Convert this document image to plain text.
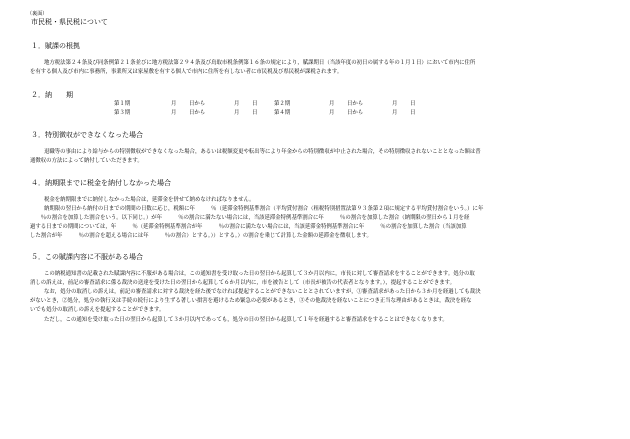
（裏面）
市民税・県民税について
１．賦課の根拠
地方税法第２４条及び同条例第２１条並びに地方税法第２９４条及び鳥取市税条例第１６条の規定により，賦課期日（当該年度の初日の属する年の１月１日）において市内に住所
を有する個人及び市内に事務所，事業所又は家屋敷を有する個人で市内に住所を有しない者に市民税及び県民税が課税されます。
２．納　　期
第１期	月 日から	月 日	第２期	月 日から	月 日
第３期	月 日から	月 日	第４期	月 日から	月 日
３．特別徴収ができなくなった場合
退職等の事由により給与からの特別徴収ができなくなった場合，あるいは税額変更や転出等により年金からの特別徴収が中止された場合，その特別徴収されないこととなった額は普
通徴収の方法によって納付していただきます。
４．納期限までに税金を納付しなかった場合
税金を納期限までに納付しなかった場合は，延滞金を併せて納めなければなりません。
納期限の翌日から納付の日までの期間の日数に応じ，税額に年　　　％（延滞金特例基準割合（平均貸付割合（租税特別措置法第９３条第２項に規定する平均貸付割合をいう。）に年
　　％の割合を加算した割合をいう。以下同じ。）が年　　　％の割合に満たない場合には，当該延滞金特例基準割合に年　　　％の割合を加算した割合（納期限の翌日から１月を経
過する日までの期間については，年　　　％（延滞金特例基準割合が年　　　％の割合に満たない場合には，当該延滞金特例基準割合に年　　　％の割合を加算した割合（当該加算
した割合が年　　　％の割合を超える場合には年　　　％の割合）とする。））とする。）の割合を乗じて計算した金額の延滞金を徴収します。
５．この賦課内容に不服がある場合
この納税通知書の記載された賦課内容に不服がある場合は，この通知書を受け取った日の翌日から起算して３か月以内に，市長に対して審査請求をすることができます。処分の取
消しの訴えは，前記の審査請求に係る裁決の送達を受けた日の翌日から起算して６か月以内に，市を被告として（市長が被告の代表者となります。），提起することができます。
なお，処分の取消しの訴えは，前記の審査請求に対する裁決を経た後でなければ提起することができないこととされていますが，①審査請求があった日から３か月を経過しても裁決
がないとき，②処分，処分の執行又は手続の続行により生ずる著しい損害を避けるため緊急の必要があるとき，③その他裁決を経ないことにつき正当な理由があるときは，裁決を経な
いでも処分の取消しの訴えを提起することができます。
ただし，この通知を受け取った日の翌日から起算して３か月以内であっても，処分の日の翌日から起算して１年を経過すると審査請求をすることはできなくなります。
